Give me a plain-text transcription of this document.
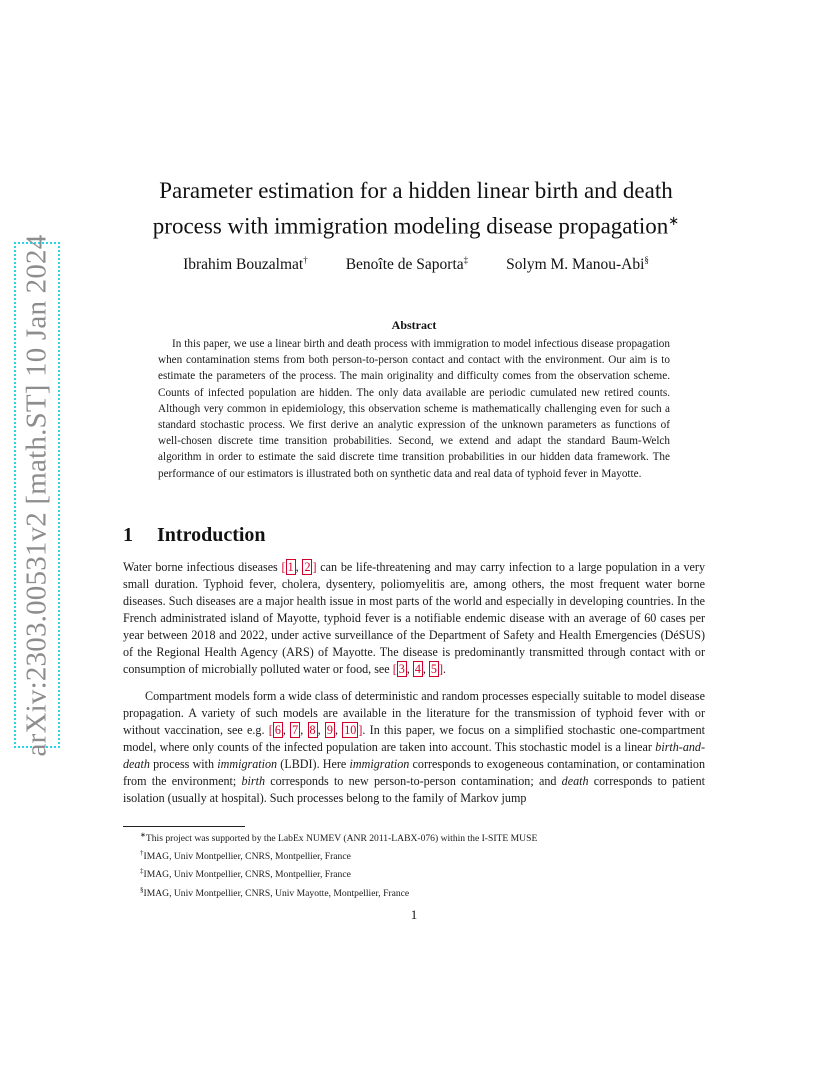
arXiv:2303.00531v2 [math.ST] 10 Jan 2024
Parameter estimation for a hidden linear birth and death
process with immigration modeling disease propagation∗
Ibrahim Bouzalmat† Benoîte de Saporta‡ Solym M. Manou-Abi§
Abstract
In this paper, we use a linear birth and death process with immigration to model infectious disease propagation when contamination stems from both person-to-person contact and contact with the environment. Our aim is to estimate the parameters of the process. The main originality and difficulty comes from the observation scheme. Counts of infected population are hidden. The only data available are periodic cumulated new retired counts. Although very common in epidemiology, this observation scheme is mathematically challenging even for such a standard stochastic process. We first derive an analytic expression of the unknown parameters as functions of well-chosen discrete time transition probabilities. Second, we extend and adapt the standard Baum-Welch algorithm in order to estimate the said discrete time transition probabilities in our hidden data framework. The performance of our estimators is illustrated both on synthetic data and real data of typhoid fever in Mayotte.
1 Introduction
Water borne infectious diseases [ 1 , 2 ] can be life-threatening and may carry infection to a large population in a very small duration. Typhoid fever, cholera, dysentery, poliomyelitis are, among others, the most frequent water borne diseases. Such diseases are a major health issue in most parts of the world and especially in developing countries. In the French administrated island of Mayotte, typhoid fever is a notifiable endemic disease with an average of 60 cases per year between 2018 and 2022, under active surveillance of the Department of Safety and Health Emergencies (DéSUS) of the Regional Health Agency (ARS) of Mayotte. The disease is predominantly transmitted through contact with or consumption of microbially polluted water or food, see [ 3 , 4 , 5 ].
Compartment models form a wide class of deterministic and random processes especially suitable to model disease propagation. A variety of such models are available in the literature for the transmission of typhoid fever with or without vaccination, see e.g. [ 6 , 7 , 8 , 9 , 10 ]. In this paper, we focus on a simplified stochastic one-compartment model, where only counts of the infected population are taken into account. This stochastic model is a linear birth-and-death process with immigration (LBDI). Here immigration corresponds to exogeneous contamination, or contamination from the environment; birth corresponds to new person-to-person contamination; and death corresponds to patient isolation (usually at hospital). Such processes belong to the family of Markov jump
∗This project was supported by the LabEx NUMEV (ANR 2011-LABX-076) within the I-SITE MUSE
†IMAG, Univ Montpellier, CNRS, Montpellier, France
‡IMAG, Univ Montpellier, CNRS, Montpellier, France
§IMAG, Univ Montpellier, CNRS, Univ Mayotte, Montpellier, France
1
